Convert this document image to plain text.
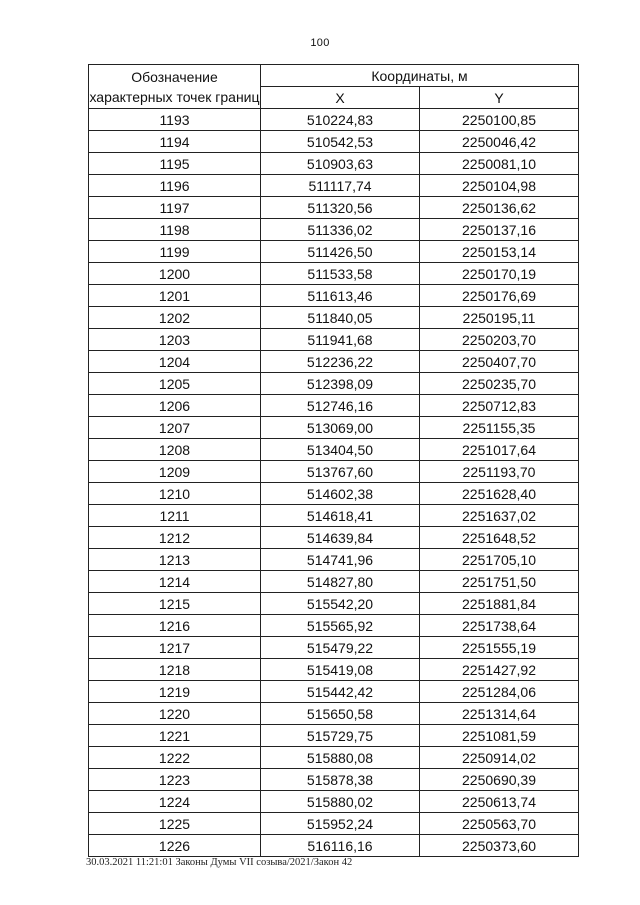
100
Обозначение характерных точек границ	Координаты, м	
	X	Y
1193	510224,83	2250100,85
1194	510542,53	2250046,42
1195	510903,63	2250081,10
1196	511117,74	2250104,98
1197	511320,56	2250136,62
1198	511336,02	2250137,16
1199	511426,50	2250153,14
1200	511533,58	2250170,19
1201	511613,46	2250176,69
1202	511840,05	2250195,11
1203	511941,68	2250203,70
1204	512236,22	2250407,70
1205	512398,09	2250235,70
1206	512746,16	2250712,83
1207	513069,00	2251155,35
1208	513404,50	2251017,64
1209	513767,60	2251193,70
1210	514602,38	2251628,40
1211	514618,41	2251637,02
1212	514639,84	2251648,52
1213	514741,96	2251705,10
1214	514827,80	2251751,50
1215	515542,20	2251881,84
1216	515565,92	2251738,64
1217	515479,22	2251555,19
1218	515419,08	2251427,92
1219	515442,42	2251284,06
1220	515650,58	2251314,64
1221	515729,75	2251081,59
1222	515880,08	2250914,02
1223	515878,38	2250690,39
1224	515880,02	2250613,74
1225	515952,24	2250563,70
1226	516116,16	2250373,60
30.03.2021 11:21:01 Законы Думы VII созыва/2021/Закон 42
